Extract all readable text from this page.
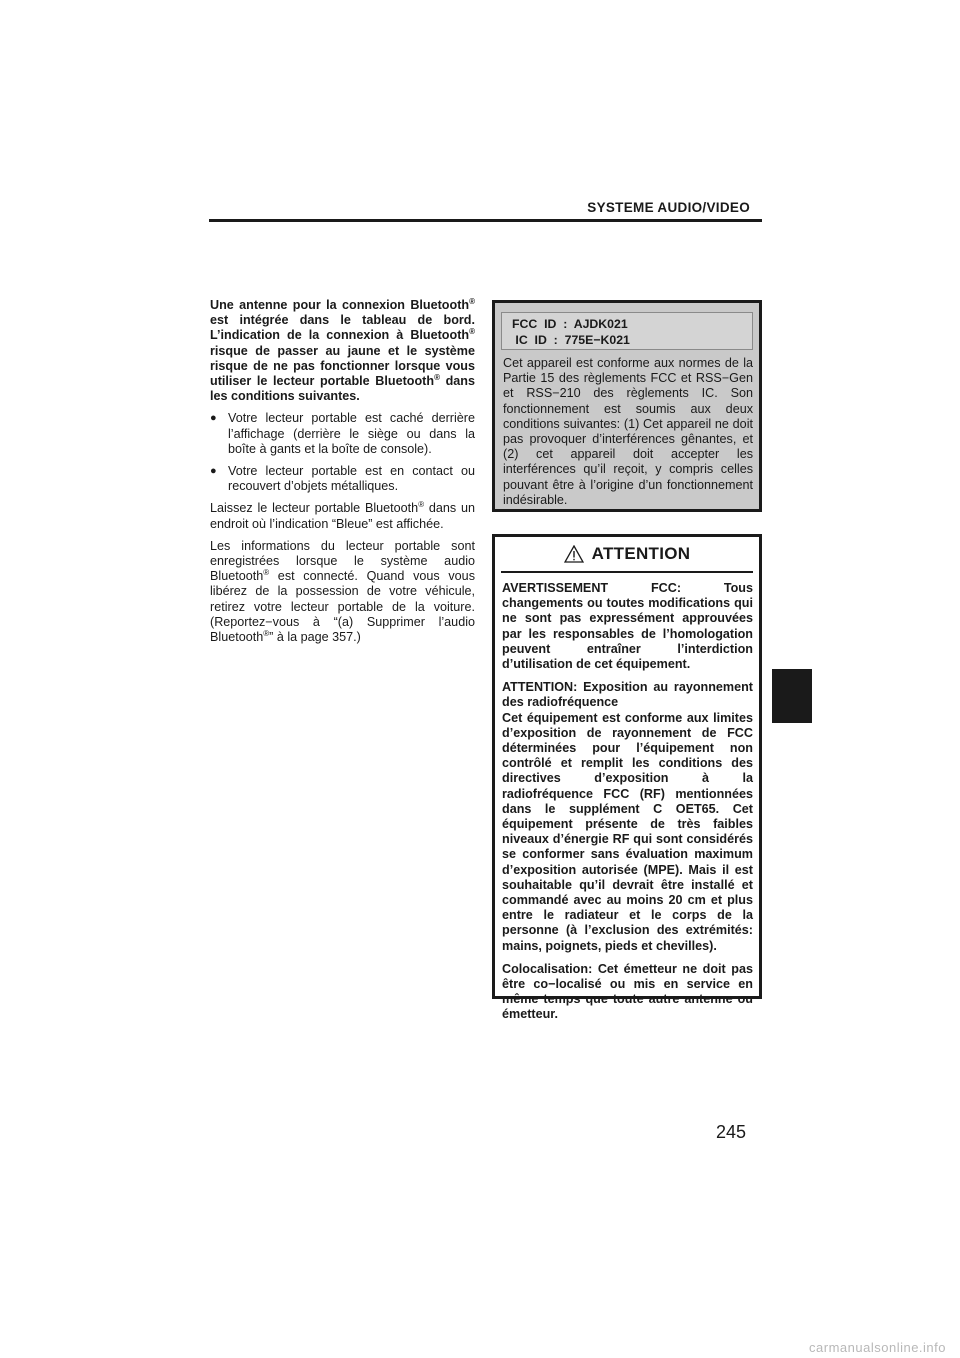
SYSTEME AUDIO/VIDEO

Une antenne pour la connexion Bluetooth® est intégrée dans le tableau de bord. L’indication de la connexion à Bluetooth® risque de passer au jaune et le système risque de ne pas fonctionner lorsque vous utiliser le lecteur portable Bluetooth® dans les conditions suivantes.

● Votre lecteur portable est caché derrière l’affichage (derrière le siège ou dans la boîte à gants et la boîte de console).
● Votre lecteur portable est en contact ou recouvert d’objets métalliques.

Laissez le lecteur portable Bluetooth® dans un endroit où l’indication “Bleue” est affichée.

Les informations du lecteur portable sont enregistrées lorsque le système audio Bluetooth® est connecté. Quand vous vous libérez de la possession de votre véhicule, retirez votre lecteur portable de la voiture. (Reportez−vous à “(a) Supprimer l’audio Bluetooth®” à la page 357.)

FCC  ID  :  AJDK021
IC  ID  :  775E−K021
Cet appareil est conforme aux normes de la Partie 15 des règlements FCC et RSS−Gen et RSS−210 des règlements IC. Son fonctionnement est soumis aux deux conditions suivantes: (1) Cet appareil ne doit pas provoquer d’interférences gênantes, et (2) cet appareil doit accepter les interférences qu’il reçoit, y compris celles pouvant être à l’origine d’un fonctionnement indésirable.
ATTENTION

AVERTISSEMENT FCC: Tous changements ou toutes modifications qui ne sont pas expressément approuvées par les responsables de l’homologation peuvent entraîner l’interdiction d’utilisation de cet équipement.

ATTENTION: Exposition au rayonnement des radiofréquence
Cet équipement est conforme aux limites d’exposition de rayonnement de FCC déterminées pour l’équipement non contrôlé et remplit les conditions des directives d’exposition à la radiofréquence FCC (RF) mentionnées dans le supplément C OET65. Cet équipement présente de très faibles niveaux d’énergie RF qui sont considérés se conformer sans évaluation maximum d’exposition autorisée (MPE). Mais il est souhaitable qu’il devrait être installé et commandé avec au moins 20 cm et plus entre le radiateur et le corps de la personne (à l’exclusion des extrémités: mains, poignets, pieds et chevilles).

Colocalisation: Cet émetteur ne doit pas être co−localisé ou mis en service en même temps que toute autre antenne ou émetteur.

245
carmanualsonline.info
